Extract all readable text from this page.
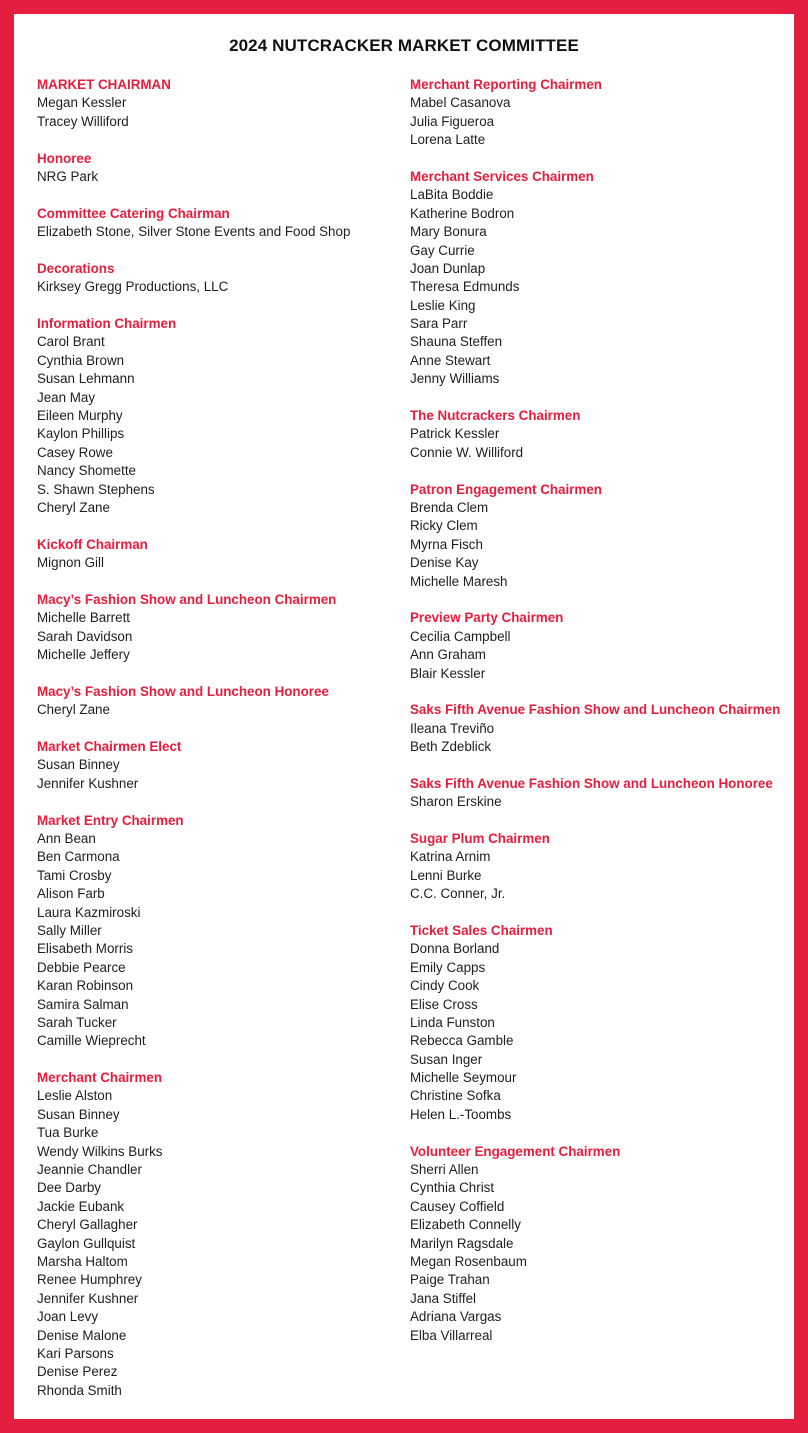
2024 NUTCRACKER MARKET COMMITTEE
MARKET CHAIRMAN
Megan Kessler
Tracey Williford
Honoree
NRG Park
Committee Catering Chairman
Elizabeth Stone, Silver Stone Events and Food Shop
Decorations
Kirksey Gregg Productions, LLC
Information Chairmen
Carol Brant
Cynthia Brown
Susan Lehmann
Jean May
Eileen Murphy
Kaylon Phillips
Casey Rowe
Nancy Shomette
S. Shawn Stephens
Cheryl Zane
Kickoff Chairman
Mignon Gill
Macy’s Fashion Show and Luncheon Chairmen
Michelle Barrett
Sarah Davidson
Michelle Jeffery
Macy’s Fashion Show and Luncheon Honoree
Cheryl Zane
Market Chairmen Elect
Susan Binney
Jennifer Kushner
Market Entry Chairmen
Ann Bean
Ben Carmona
Tami Crosby
Alison Farb
Laura Kazmiroski
Sally Miller
Elisabeth Morris
Debbie Pearce
Karan Robinson
Samira Salman
Sarah Tucker
Camille Wieprecht
Merchant Chairmen
Leslie Alston
Susan Binney
Tua Burke
Wendy Wilkins Burks
Jeannie Chandler
Dee Darby
Jackie Eubank
Cheryl Gallagher
Gaylon Gullquist
Marsha Haltom
Renee Humphrey
Jennifer Kushner
Joan Levy
Denise Malone
Kari Parsons
Denise Perez
Rhonda Smith
Merchant Reporting Chairmen
Mabel Casanova
Julia Figueroa
Lorena Latte
Merchant Services Chairmen
LaBita Boddie
Katherine Bodron
Mary Bonura
Gay Currie
Joan Dunlap
Theresa Edmunds
Leslie King
Sara Parr
Shauna Steffen
Anne Stewart
Jenny Williams
The Nutcrackers Chairmen
Patrick Kessler
Connie W. Williford
Patron Engagement Chairmen
Brenda Clem
Ricky Clem
Myrna Fisch
Denise Kay
Michelle Maresh
Preview Party Chairmen
Cecilia Campbell
Ann Graham
Blair Kessler
Saks Fifth Avenue Fashion Show and Luncheon Chairmen
Ileana Treviño
Beth Zdeblick
Saks Fifth Avenue Fashion Show and Luncheon Honoree
Sharon Erskine
Sugar Plum Chairmen
Katrina Arnim
Lenni Burke
C.C. Conner, Jr.
Ticket Sales Chairmen
Donna Borland
Emily Capps
Cindy Cook
Elise Cross
Linda Funston
Rebecca Gamble
Susan Inger
Michelle Seymour
Christine Sofka
Helen L.-Toombs
Volunteer Engagement Chairmen
Sherri Allen
Cynthia Christ
Causey Coffield
Elizabeth Connelly
Marilyn Ragsdale
Megan Rosenbaum
Paige Trahan
Jana Stiffel
Adriana Vargas
Elba Villarreal
